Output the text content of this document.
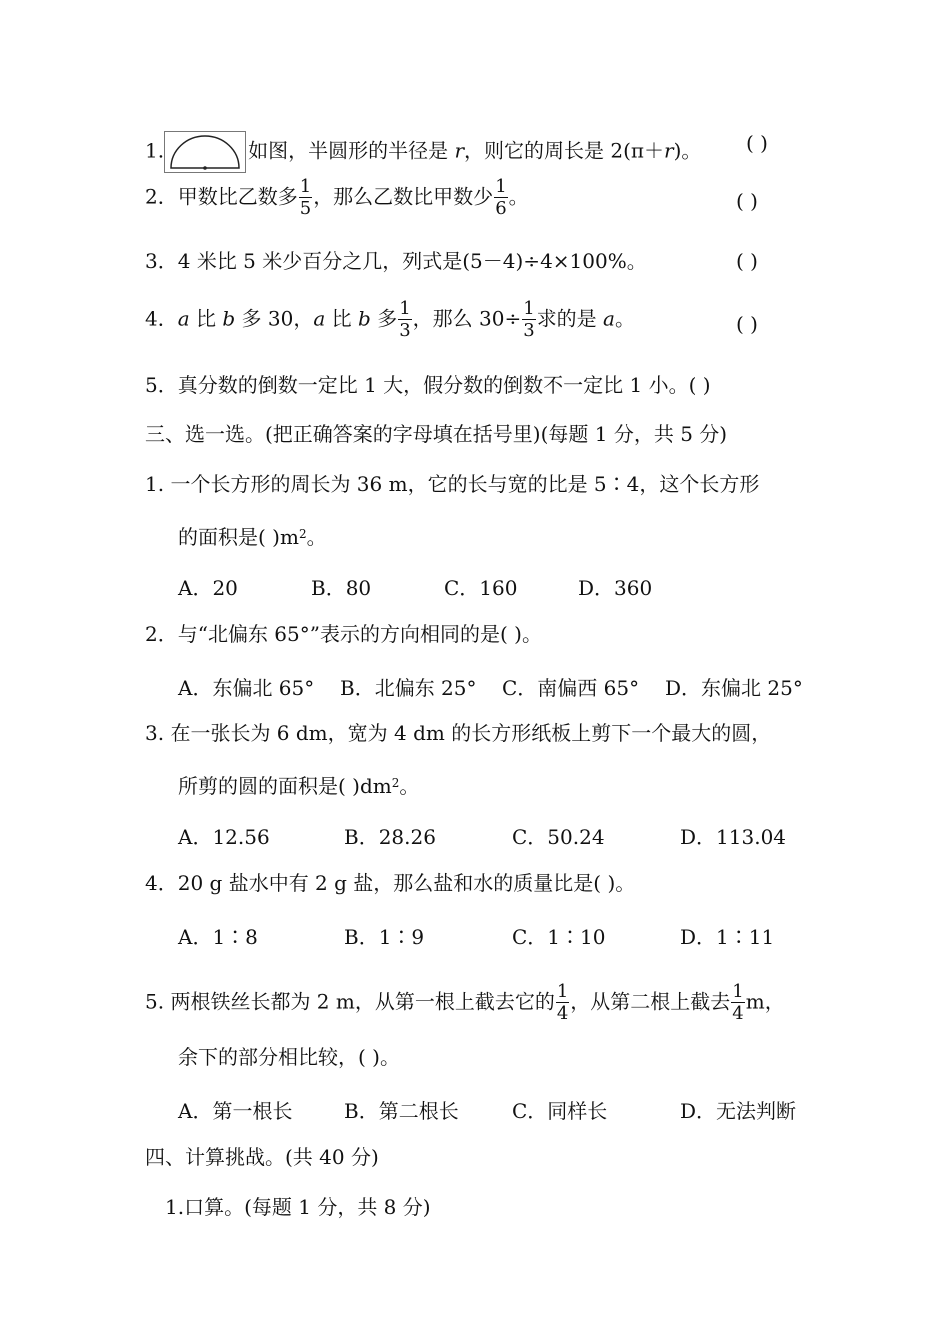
1.	如图，半圆形的半径是 r，则它的周长是 2(π＋r)。 ( )
2．甲数比乙数多 $\frac{1}{5}$ ，那么乙数比甲数少 $\frac{1}{6}$ 。	( )
3．4 米比 5 米少百分之几，列式是(5－4)÷4×100%。	( )
4．a 比 b 多 30，a 比 b 多 $\frac{1}{3}$ ，那么 $30\div \frac{1}{3}$ 求的是 a。	( )
5．真分数的倒数一定比 1 大，假分数的倒数不一定比 1 小。( )
三、选一选。(把正确答案的字母填在括号里)(每题 1 分，共 5 分)
1. 一个长方形的周长为 36 m，它的长与宽的比是 5∶4，这个长方形
的面积是( )$m^2$。
A．20	B．80	C．160	D．360
2．与“北偏东 65°”表示的方向相同的是( )。
A．东偏北 65° B．北偏东 25° C．南偏西 65° D．东偏北 25°
3. 在一张长为 6 dm，宽为 4 dm 的长方形纸板上剪下一个最大的圆，
所剪的圆的面积是( )$dm^2$。
A．12.56	B．28.26	C．50.24	D．113.04
4．20 g 盐水中有 2 g 盐，那么盐和水的质量比是( )。
A．1∶8	B．1∶9	C．1∶10	D．1∶11
5. 两根铁丝长都为 2 m，从第一根上截去它的 $\frac{1}{4}$ ，从第二根上截去 $\frac{1}{4}$ m，
余下的部分相比较，( )。
A．第一根长	B．第二根长	C．同样长	D．无法判断
四、计算挑战。(共 40 分)
1.口算。(每题 1 分，共 8 分)
